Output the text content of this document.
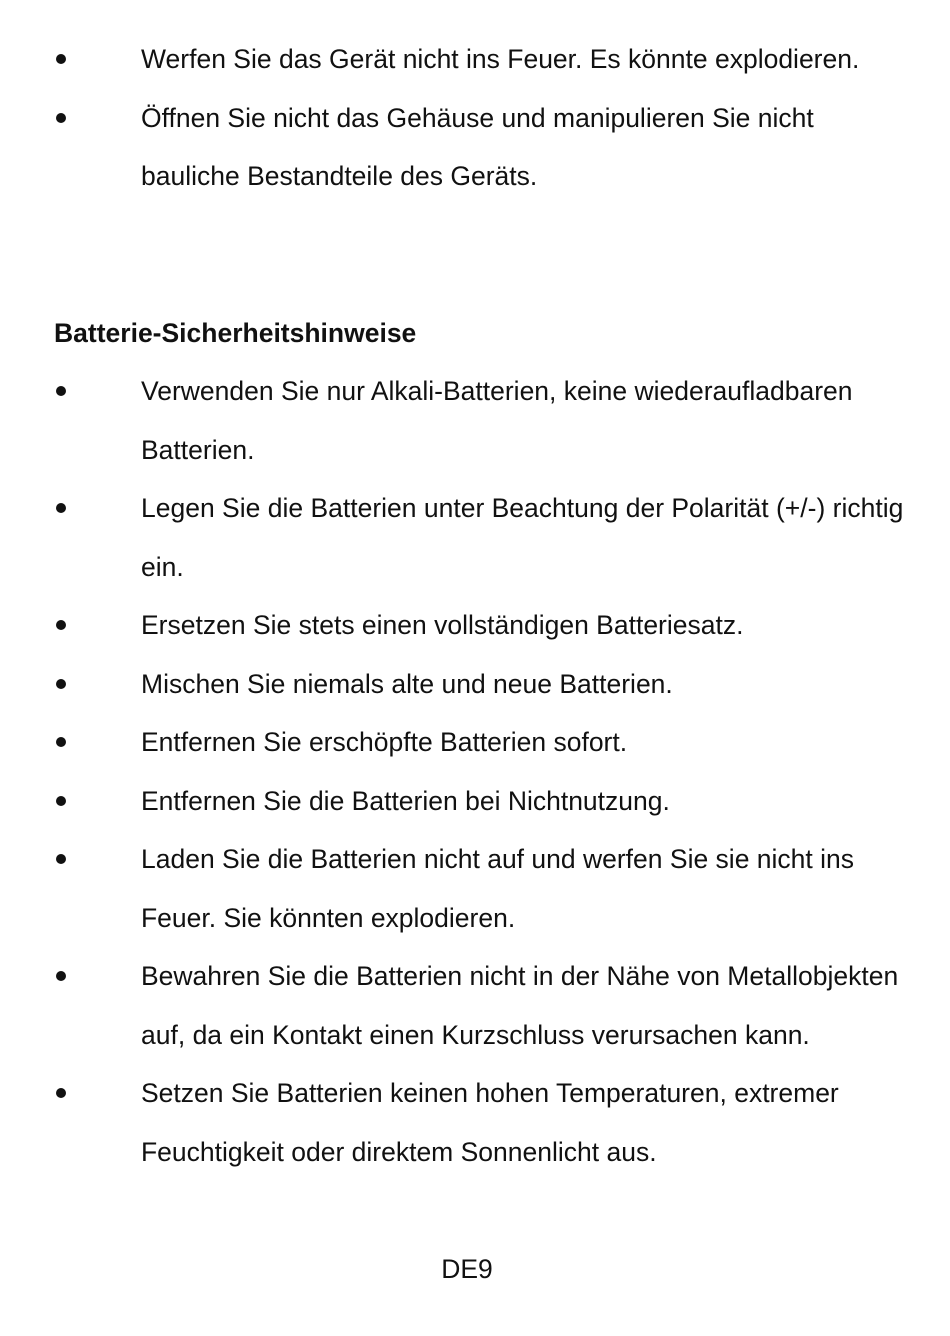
Werfen Sie das Gerät nicht ins Feuer. Es könnte explodieren.
Öffnen Sie nicht das Gehäuse und manipulieren Sie nicht bauliche Bestandteile des Geräts.
Batterie-Sicherheitshinweise
Verwenden Sie nur Alkali-Batterien, keine wiederaufladbaren Batterien.
Legen Sie die Batterien unter Beachtung der Polarität (+/-) richtig ein.
Ersetzen Sie stets einen vollständigen Batteriesatz.
Mischen Sie niemals alte und neue Batterien.
Entfernen Sie erschöpfte Batterien sofort.
Entfernen Sie die Batterien bei Nichtnutzung.
Laden Sie die Batterien nicht auf und werfen Sie sie nicht ins Feuer. Sie könnten explodieren.
Bewahren Sie die Batterien nicht in der Nähe von Metallobjekten auf, da ein Kontakt einen Kurzschluss verursachen kann.
Setzen Sie Batterien keinen hohen Temperaturen, extremer Feuchtigkeit oder direktem Sonnenlicht aus.
DE9
